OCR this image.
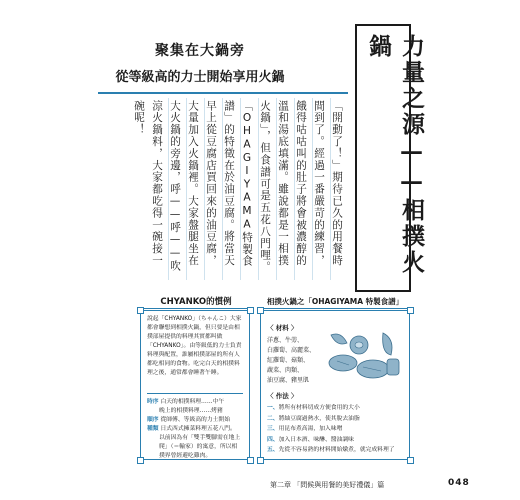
聚集在大鍋旁
從等級高的力士開始享用火鍋	力量之源——相撲火鍋
「開動了！」期待已久的用餐時間到了。經過一番嚴苛的練習，餓得咕咕叫的肚子將會被濃醇的溫和湯底填滿。雖說都是一相撲火鍋」，但食譜可是五花八門哩。「OHAGIYAMA特製食譜」的特徵在於油豆腐。將當天早上從豆腐店買回來的油豆腐，大量加入火鍋裡。大家盤腿坐在大火鍋的旁邊，呼——呼——吹涼火鍋料，大家都吃得一碗接一碗呢！
CHYANKO的慣例
說起「CHYANKO」（ちゃんこ）大家都會聯想到相撲火鍋，但只要是由相撲部屋提供的料理其實都叫做「CHYANKO」。由等級低的力士負責料理與配置，誰屬相撲部屋的所有人都吃相同的食物。吃完白天的相撲料理之後，通常都會睡著午睡。
時序 白天的相撲料理……中午
晚上的相撲料理……烤豬
順序 從師傅、等級高的力士開始
種類 日式西式擁菜料理五花八門。
以前因為有「雙手雙腳需在地上爬」（＝輸家）的寓意，所以相撲界曾經避吃雞肉。
相撲火鍋之「OHAGIYAMA 特製食譜」
〈 材料 〉
洋蔥、牛蒡、
白蘿蔔、高麗菜、
紅蘿蔔、菇類、
蔬菜、肉類、
油豆腐、豬里肌
〈 作法 〉
一、將所有材料切成方便食用的大小
二、將紬豆腐過熱水，使其脫去油脂
三、用昆布煮高湯，加入味噌
四、加入日本酒、味醂、醬油調味
五、先從不容易熟的材料開始燉煮，就完成料理了
第二章 「問候與用餐的美好禮儀」篇	048
